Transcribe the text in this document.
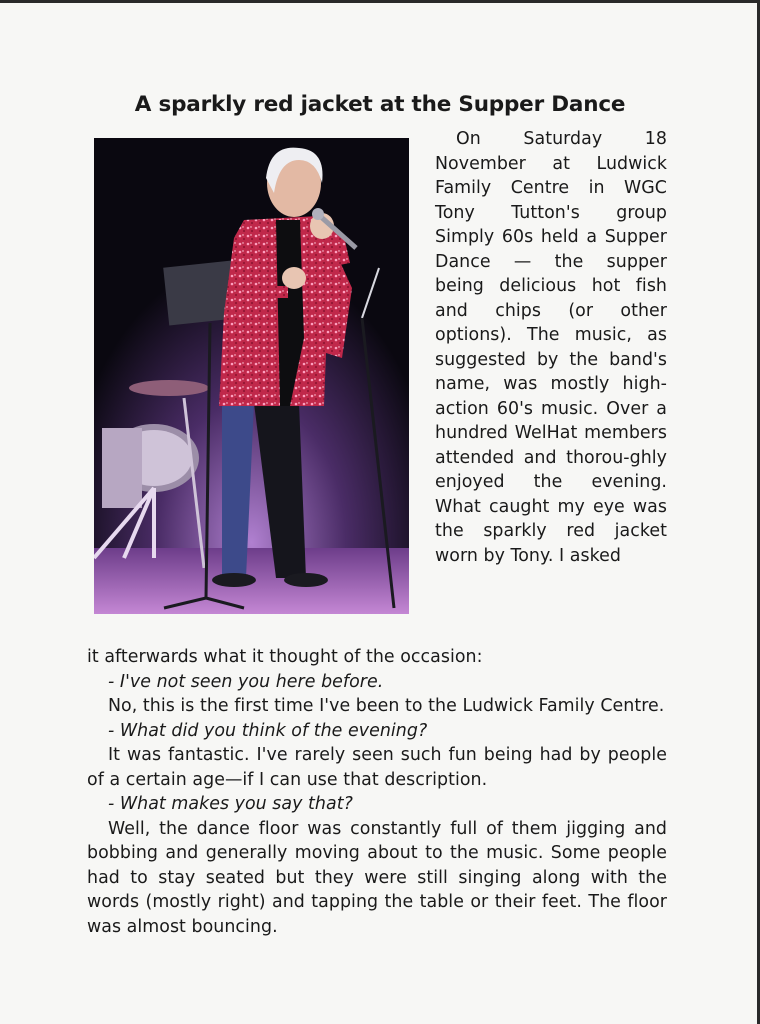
A sparkly red jacket at the Supper Dance

On Saturday 18 November at Ludwick Family Centre in WGC Tony Tutton's group Simply 60s held a Supper Dance — the supper being delicious hot fish and chips (or other options). The music, as suggested by the band's name, was mostly high-action 60's music. Over a hundred WelHat members attended and thorou-ghly enjoyed the evening. What caught my eye was the sparkly red jacket worn by Tony. I asked

it afterwards what it thought of the occasion:

- I've not seen you here before.

No, this is the first time I've been to the Ludwick Family Centre.

- What did you think of the evening?

It was fantastic. I've rarely seen such fun being had by people of a certain age—if I can use that description.

- What makes you say that?

Well, the dance floor was constantly full of them jigging and bobbing and generally moving about to the music. Some people had to stay seated but they were still singing along with the words (mostly right) and tapping the table or their feet. The floor was almost bouncing.
